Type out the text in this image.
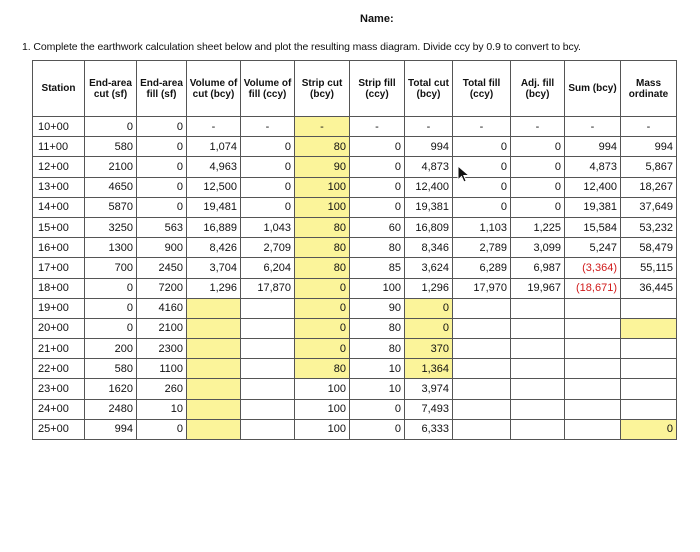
Name:
1. Complete the earthwork calculation sheet below and plot the resulting mass diagram. Divide ccy by 0.9 to convert to bcy.
Station	End-area cut (sf)	End-area fill (sf)	Volume of cut (bcy)	Volume of fill (ccy)	Strip cut (bcy)	Strip fill (ccy)	Total cut (bcy)	Total fill (ccy)	Adj. fill (bcy)	Sum (bcy)	Mass ordinate
10+00	0	0	-	-	-	-	-	-	-	-	-
11+00	580	0	1,074	0	80	0	994	0	0	994	994
12+00	2100	0	4,963	0	90	0	4,873	0	0	4,873	5,867
13+00	4650	0	12,500	0	100	0	12,400	0	0	12,400	18,267
14+00	5870	0	19,481	0	100	0	19,381	0	0	19,381	37,649
15+00	3250	563	16,889	1,043	80	60	16,809	1,103	1,225	15,584	53,232
16+00	1300	900	8,426	2,709	80	80	8,346	2,789	3,099	5,247	58,479
17+00	700	2450	3,704	6,204	80	85	3,624	6,289	6,987	(3,364)	55,115
18+00	0	7200	1,296	17,870	0	100	1,296	17,970	19,967	(18,671)	36,445
19+00	0	4160			0	90	0				
20+00	0	2100			0	80	0				
21+00	200	2300			0	80	370				
22+00	580	1100			80	10	1,364				
23+00	1620	260			100	10	3,974				
24+00	2480	10			100	0	7,493				
25+00	994	0			100	0	6,333				0
